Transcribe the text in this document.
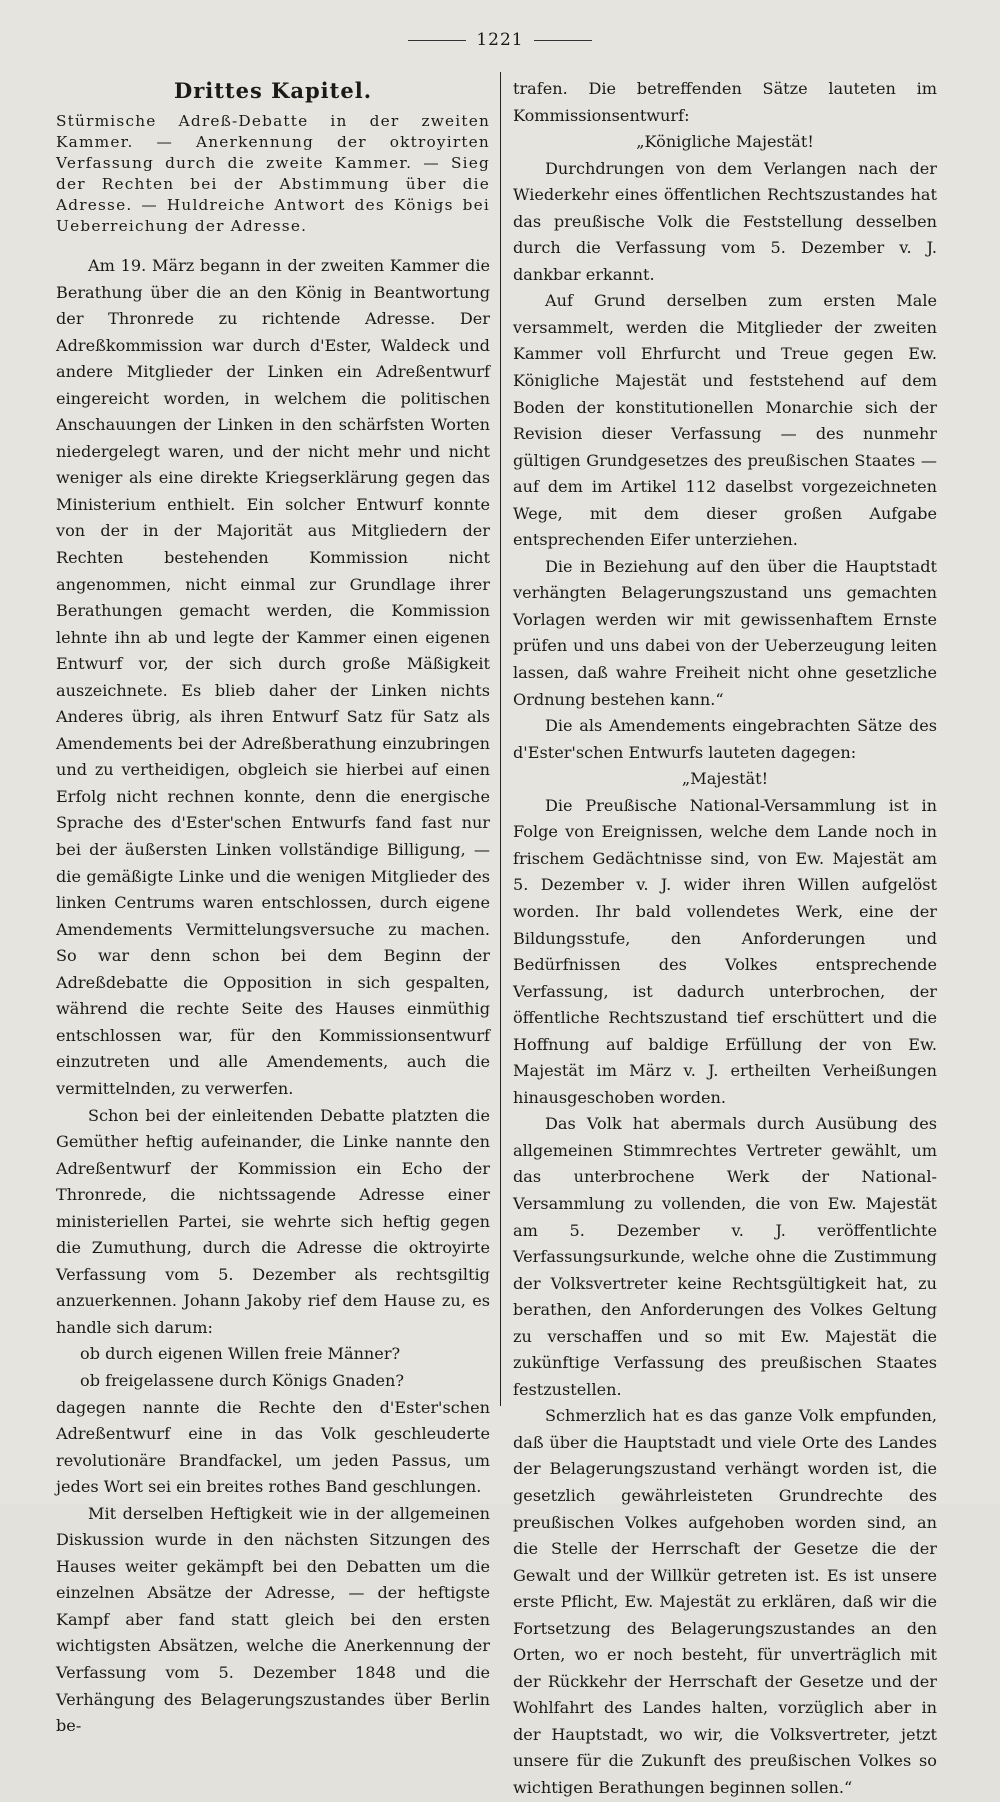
1221
Drittes Kapitel.
Stürmische Adreß-Debatte in der zweiten Kammer. — Anerkennung der oktroyirten Verfassung durch die zweite Kammer. — Sieg der Rechten bei der Abstimmung über die Adresse. — Huldreiche Antwort des Königs bei Ueberreichung der Adresse.

Am 19. März begann in der zweiten Kammer die Berathung über die an den König in Beantwortung der Thronrede zu richtende Adresse. Der Adreßkommission war durch d'Ester, Waldeck und andere Mitglieder der Linken ein Adreßentwurf eingereicht worden, in welchem die politischen Anschauungen der Linken in den schärfsten Worten niedergelegt waren, und der nicht mehr und nicht weniger als eine direkte Kriegserklärung gegen das Ministerium enthielt. Ein solcher Entwurf konnte von der in der Majorität aus Mitgliedern der Rechten bestehenden Kommission nicht angenommen, nicht einmal zur Grundlage ihrer Berathungen gemacht werden, die Kommission lehnte ihn ab und legte der Kammer einen eigenen Entwurf vor, der sich durch große Mäßigkeit auszeichnete. Es blieb daher der Linken nichts Anderes übrig, als ihren Entwurf Satz für Satz als Amendements bei der Adreßberathung einzubringen und zu vertheidigen, obgleich sie hierbei auf einen Erfolg nicht rechnen konnte, denn die energische Sprache des d'Ester'schen Entwurfs fand fast nur bei der äußersten Linken vollständige Billigung, — die gemäßigte Linke und die wenigen Mitglieder des linken Centrums waren entschlossen, durch eigene Amendements Vermittelungsversuche zu machen. So war denn schon bei dem Beginn der Adreßdebatte die Opposition in sich gespalten, während die rechte Seite des Hauses einmüthig entschlossen war, für den Kommissionsentwurf einzutreten und alle Amendements, auch die vermittelnden, zu verwerfen.

Schon bei der einleitenden Debatte platzten die Gemüther heftig aufeinander, die Linke nannte den Adreßentwurf der Kommission ein Echo der Thronrede, die nichtssagende Adresse einer ministeriellen Partei, sie wehrte sich heftig gegen die Zumuthung, durch die Adresse die oktroyirte Verfassung vom 5. Dezember als rechtsgiltig anzuerkennen. Johann Jakoby rief dem Hause zu, es handle sich darum:

ob durch eigenen Willen freie Männer?
ob freigelassene durch Königs Gnaden?

dagegen nannte die Rechte den d'Ester'schen Adreßentwurf eine in das Volk geschleuderte revolutionäre Brandfackel, um jeden Passus, um jedes Wort sei ein breites rothes Band geschlungen.

Mit derselben Heftigkeit wie in der allgemeinen Diskussion wurde in den nächsten Sitzungen des Hauses weiter gekämpft bei den Debatten um die einzelnen Absätze der Adresse, — der heftigste Kampf aber fand statt gleich bei den ersten wichtigsten Absätzen, welche die Anerkennung der Verfassung vom 5. Dezember 1848 und die Verhängung des Belagerungszustandes über Berlin be-

trafen. Die betreffenden Sätze lauteten im Kommissionsentwurf:

„Königliche Majestät!

Durchdrungen von dem Verlangen nach der Wiederkehr eines öffentlichen Rechtszustandes hat das preußische Volk die Feststellung desselben durch die Verfassung vom 5. Dezember v. J. dankbar erkannt.

Auf Grund derselben zum ersten Male versammelt, werden die Mitglieder der zweiten Kammer voll Ehrfurcht und Treue gegen Ew. Königliche Majestät und feststehend auf dem Boden der konstitutionellen Monarchie sich der Revision dieser Verfassung — des nunmehr gültigen Grundgesetzes des preußischen Staates — auf dem im Artikel 112 daselbst vorgezeichneten Wege, mit dem dieser großen Aufgabe entsprechenden Eifer unterziehen.

Die in Beziehung auf den über die Hauptstadt verhängten Belagerungszustand uns gemachten Vorlagen werden wir mit gewissenhaftem Ernste prüfen und uns dabei von der Ueberzeugung leiten lassen, daß wahre Freiheit nicht ohne gesetzliche Ordnung bestehen kann.“

Die als Amendements eingebrachten Sätze des d'Ester'schen Entwurfs lauteten dagegen:

„Majestät!

Die Preußische National-Versammlung ist in Folge von Ereignissen, welche dem Lande noch in frischem Gedächtnisse sind, von Ew. Majestät am 5. Dezember v. J. wider ihren Willen aufgelöst worden. Ihr bald vollendetes Werk, eine der Bildungsstufe, den Anforderungen und Bedürfnissen des Volkes entsprechende Verfassung, ist dadurch unterbrochen, der öffentliche Rechtszustand tief erschüttert und die Hoffnung auf baldige Erfüllung der von Ew. Majestät im März v. J. ertheilten Verheißungen hinausgeschoben worden.

Das Volk hat abermals durch Ausübung des allgemeinen Stimmrechtes Vertreter gewählt, um das unterbrochene Werk der National-Versammlung zu vollenden, die von Ew. Majestät am 5. Dezember v. J. veröffentlichte Verfassungsurkunde, welche ohne die Zustimmung der Volksvertreter keine Rechtsgültigkeit hat, zu berathen, den Anforderungen des Volkes Geltung zu verschaffen und so mit Ew. Majestät die zukünftige Verfassung des preußischen Staates festzustellen.

Schmerzlich hat es das ganze Volk empfunden, daß über die Hauptstadt und viele Orte des Landes der Belagerungszustand verhängt worden ist, die gesetzlich gewährleisteten Grundrechte des preußischen Volkes aufgehoben worden sind, an die Stelle der Herrschaft der Gesetze die der Gewalt und der Willkür getreten ist. Es ist unsere erste Pflicht, Ew. Majestät zu erklären, daß wir die Fortsetzung des Belagerungszustandes an den Orten, wo er noch besteht, für unverträglich mit der Rückkehr der Herrschaft der Gesetze und der Wohlfahrt des Landes halten, vorzüglich aber in der Hauptstadt, wo wir, die Volksvertreter, jetzt unsere für die Zukunft des preußischen Volkes so wichtigen Berathungen beginnen sollen.“
